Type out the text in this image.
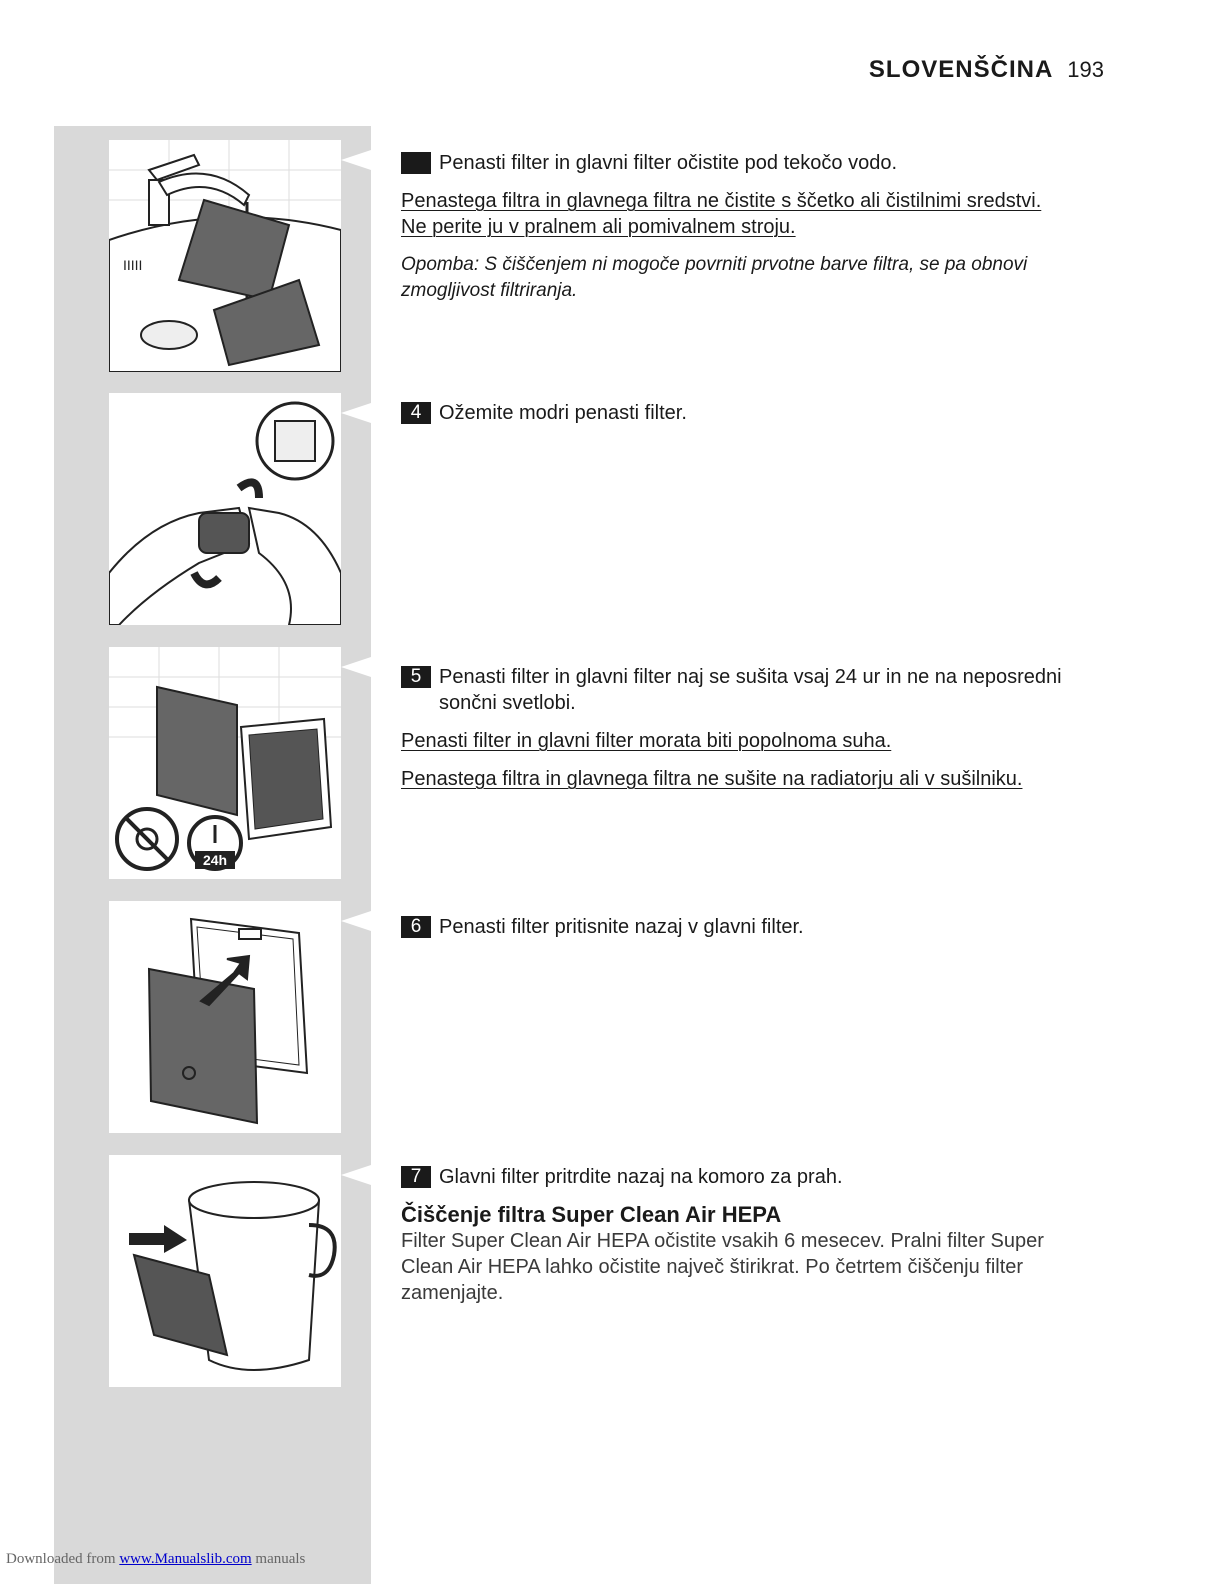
SLOVENŠČINA 193
IIIII
24h
Penasti filter in glavni filter očistite pod tekočo vodo.
Penastega filtra in glavnega filtra ne čistite s ščetko ali čistilnimi sredstvi.
Ne perite ju v pralnem ali pomivalnem stroju.
Opomba: S čiščenjem ni mogoče povrniti prvotne barve filtra, se pa obnovi zmogljivost filtriranja.
4 Ožemite modri penasti filter.
5 Penasti filter in glavni filter naj se sušita vsaj 24 ur in ne na neposredni sončni svetlobi.
Penasti filter in glavni filter morata biti popolnoma suha.
Penastega filtra in glavnega filtra ne sušite na radiatorju ali v sušilniku.
6 Penasti filter pritisnite nazaj v glavni filter.
7 Glavni filter pritrdite nazaj na komoro za prah.
Čiščenje filtra Super Clean Air HEPA
Filter Super Clean Air HEPA očistite vsakih 6 mesecev. Pralni filter Super Clean Air HEPA lahko očistite največ štirikrat. Po četrtem čiščenju filter zamenjajte.
Downloaded from www.Manualslib.com manuals
